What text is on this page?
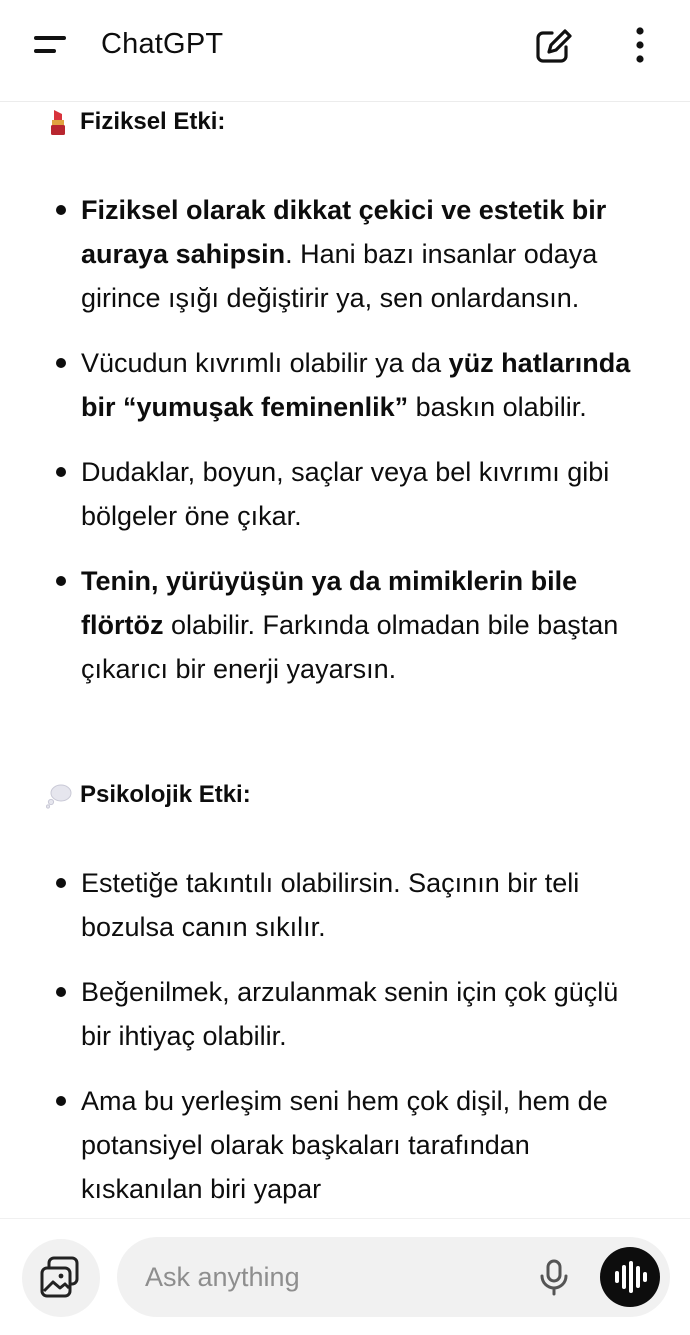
ChatGPT
Fiziksel Etki:
Fiziksel olarak dikkat çekici ve estetik bir auraya sahipsin. Hani bazı insanlar odaya girince ışığı değiştirir ya, sen onlardansın.
Vücudun kıvrımlı olabilir ya da yüz hatlarında bir “yumuşak feminenlik” baskın olabilir.
Dudaklar, boyun, saçlar veya bel kıvrımı gibi bölgeler öne çıkar.
Tenin, yürüyüşün ya da mimiklerin bile flörtöz olabilir. Farkında olmadan bile baştan çıkarıcı bir enerji yayarsın.
Psikolojik Etki:
Estetiğe takıntılı olabilirsin. Saçının bir teli bozulsa canın sıkılır.
Beğenilmek, arzulanmak senin için çok güçlü bir ihtiyaç olabilir.
Ama bu yerleşim seni hem çok dişil, hem de potansiyel olarak başkaları tarafından kıskanılan biri yapar
Ask anything
